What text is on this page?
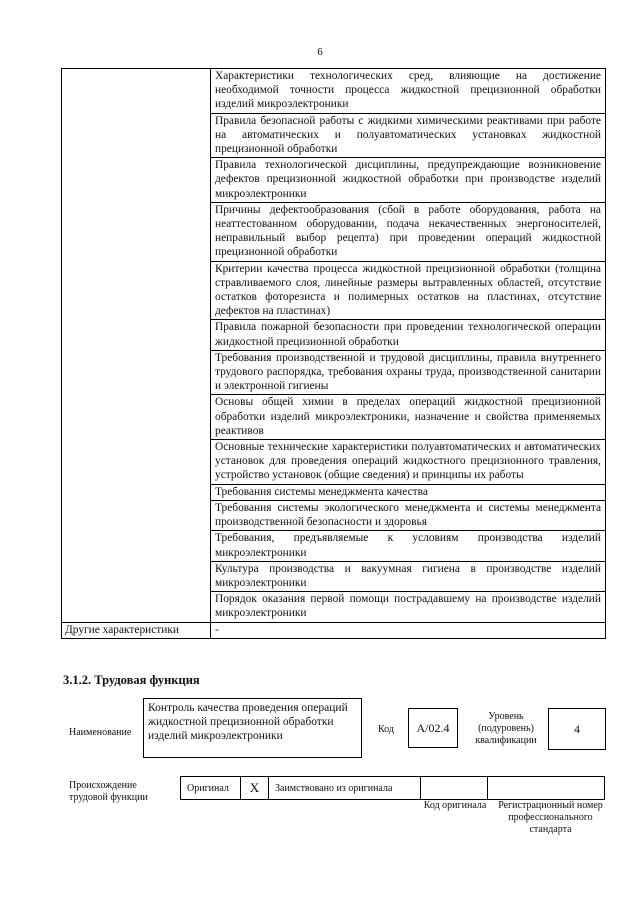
6
	Характеристики технологических сред, влияющие на достижение необходимой точности процесса жидкостной прецизионной обработки изделий микроэлектроники
	Правила безопасной работы с жидкими химическими реактивами при работе на автоматических и полуавтоматических установках жидкостной прецизионной обработки
	Правила технологической дисциплины, предупреждающие возникновение дефектов прецизионной жидкостной обработки при производстве изделий микроэлектроники
	Причины дефектообразования (сбой в работе оборудования, работа на неаттестованном оборудовании, подача некачественных энергоносителей, неправильный выбор рецепта) при проведении операций жидкостной прецизионной обработки
	Критерии качества процесса жидкостной прецизионной обработки (толщина стравливаемого слоя, линейные размеры вытравленных областей, отсутствие остатков фоторезиста и полимерных остатков на пластинах, отсутствие дефектов на пластинах)
	Правила пожарной безопасности при проведении технологической операции жидкостной прецизионной обработки
	Требования производственной и трудовой дисциплины, правила внутреннего трудового распорядка, требования охраны труда, производственной санитарии и электронной гигиены
	Основы общей химии в пределах операций жидкостной прецизионной обработки изделий микроэлектроники, назначение и свойства применяемых реактивов
	Основные технические характеристики полуавтоматических и автоматических установок для проведения операций жидкостного прецизионного травления, устройство установок (общие сведения) и принципы их работы
	Требования системы менеджмента качества
	Требования системы экологического менеджмента и системы менеджмента производственной безопасности и здоровья
	Требования, предъявляемые к условиям производства изделий микроэлектроники
	Культура производства и вакуумная гигиена в производстве изделий микроэлектроники
	Порядок оказания первой помощи пострадавшему на производстве изделий микроэлектроники
Другие характеристики	-
3.1.2. Трудовая функция
Наименование
Контроль качества проведения операций жидкостной прецизионной обработки изделий микроэлектроники
Код	А/02.4
Уровень (подуровень) квалификации
4
Происхождение трудовой функции
Оригинал	X	Заимствовано из оригинала		
Код оригинала	Регистрационный номер профессионального стандарта
